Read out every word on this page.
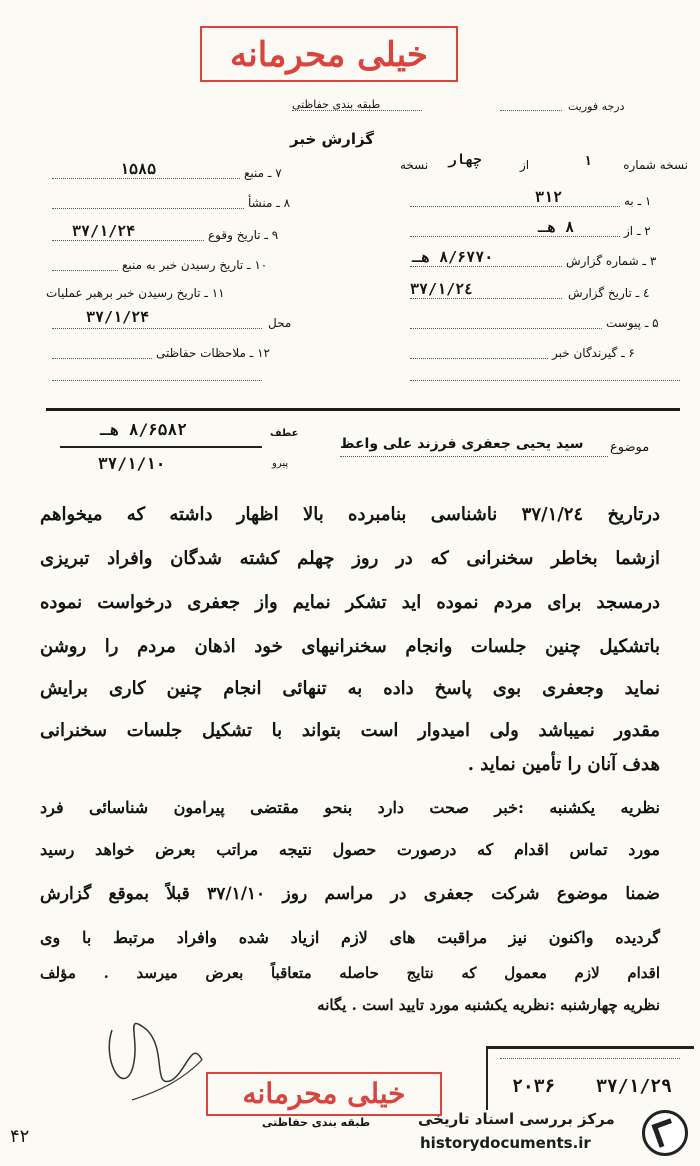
خیلی محرمانه
طبقه بندی حفاظتی	درجه فوریت
گزارش خبر
نسخه شماره
۱
از
چهار
نسخه
۱ ـ به
۳۱۲
۲ ـ از
۸ هـ
۳ ـ شماره گزارش
۸/۶۷۷۰ هـ
٤ ـ تاریخ گزارش
۳۷/۱/۲٤
۵ ـ پیوست
۶ ـ گیرندگان خبر
۷ ـ منبع
۱۵۸۵
۸ ـ منشأ
۹ ـ تاریخ وقوع
۳۷/۱/۲۴
۱۰ ـ تاریخ رسیدن خبر به منبع
۱۱ ـ تاریخ رسیدن خبر برهبر عملیات
محل
۳۷/۱/۲۴
۱۲ ـ ملاحظات حفاظتی
موضوع
سید یحیی جعفری فرزند علی واعظ
عطف
پیرو
۸/۶۵۸۲ هـ
۳۷/۱/۱۰
درتاریخ ۳۷/۱/۲٤ ناشناسی بنامبرده بالا اظهار داشته که میخواهم
ازشما بخاطر سخنرانی که در روز چهلم کشته شدگان وافراد تبریزی
درمسجد برای مردم نموده اید تشکر نمایم واز جعفری درخواست نموده
باتشکیل چنین جلسات وانجام سخنرانیهای خود اذهان مردم را روشن
نماید وجعفری بوی پاسخ داده به تنهائی انجام چنین کاری برایش
مقدور نمیباشد ولی امیدوار است بتواند با تشکیل جلسات سخنرانی
هدف آنان را تأمین نماید .
نظریه یکشنبه :خبر صحت دارد بنحو مقتضی پیرامون شناسائی فرد
مورد تماس اقدام که درصورت حصول نتیجه مراتب بعرض خواهد رسید
ضمنا موضوع شرکت جعفری در مراسم روز ۳۷/۱/۱۰ قبلاً بموقع گزارش
گردیده واکنون نیز مراقبت های لازم ازیاد شده وافراد مرتبط با وی
اقدام لازم معمول که نتایج حاصله متعاقباً بعرض میرسد . مؤلف
نظریه چهارشنبه :نظریه یکشنبه مورد تایید است . یگانه
۳۷/۱/۲۹
۲۰۳۶
خیلی محرمانه
طبقه بندی حفاظتی
۴۲
مرکز بررسی اسناد تاریخی
historydocuments.ir
